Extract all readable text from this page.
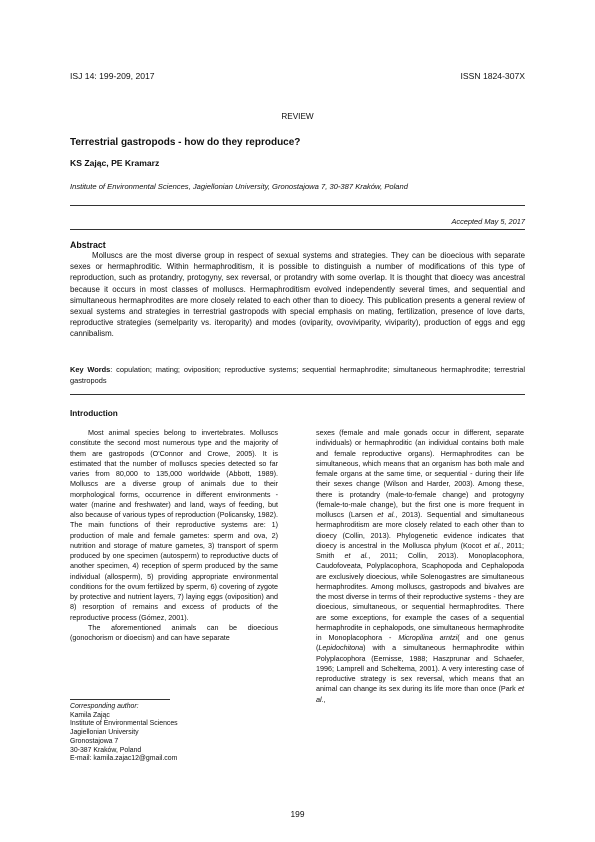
ISJ 14: 199-209, 2017	ISSN 1824-307X
REVIEW
Terrestrial gastropods - how do they reproduce?
KS Zając, PE Kramarz
Institute of Environmental Sciences, Jagiellonian University, Gronostajowa 7, 30-387 Kraków, Poland
Accepted May 5, 2017
Abstract

Molluscs are the most diverse group in respect of sexual systems and strategies. They can be dioecious with separate sexes or hermaphroditic. Within hermaphroditism, it is possible to distinguish a number of modifications of this type of reproduction, such as protandry, protogyny, sex reversal, or protandry with some overlap. It is thought that dioecy was ancestral because it occurs in most classes of molluscs. Hermaphroditism evolved independently several times, and sequential and simultaneous hermaphrodites are more closely related to each other than to dioecy. This publication presents a general review of sexual systems and strategies in terrestrial gastropods with special emphasis on mating, fertilization, presence of love darts, reproductive strategies (semelparity vs. iteroparity) and modes (oviparity, ovoviviparity, viviparity), production of eggs and egg cannibalism.

Key Words: copulation; mating; oviposition; reproductive systems; sequential hermaphrodite; simultaneous hermaphrodite; terrestrial gastropods
Introduction

Most animal species belong to invertebrates. Molluscs constitute the second most numerous type and the majority of them are gastropods (O'Connor and Crowe, 2005). It is estimated that the number of molluscs species detected so far varies from 80,000 to 135,000 worldwide (Abbott, 1989). Molluscs are a diverse group of animals due to their morphological forms, occurrence in different environments - water (marine and freshwater) and land, ways of feeding, but also because of various types of reproduction (Policansky, 1982). The main functions of their reproductive systems are: 1) production of male and female gametes: sperm and ova, 2) nutrition and storage of mature gametes, 3) transport of sperm produced by one specimen (autosperm) to reproductive ducts of another specimen, 4) reception of sperm produced by the same individual (allosperm), 5) providing appropriate environmental conditions for the ovum fertilized by sperm, 6) covering of zygote by protective and nutrient layers, 7) laying eggs (oviposition) and 8) resorption of remains and excess of products of the reproductive process (Gómez, 2001).

The aforementioned animals can be dioecious (gonochorism or dioecism) and can have separate

sexes (female and male gonads occur in different, separate individuals) or hermaphroditic (an individual contains both male and female reproductive organs). Hermaphrodites can be simultaneous, which means that an organism has both male and female organs at the same time, or sequential - during their life their sexes change (Wilson and Harder, 2003). Among these, there is protandry (male-to-female change) and protogyny (female-to-male change), but the first one is more frequent in molluscs (Larsen et al., 2013). Sequential and simultaneous hermaphroditism are more closely related to each other than to dioecy (Collin, 2013). Phylogenetic evidence indicates that dioecy is ancestral in the Mollusca phylum (Kocot et al., 2011; Smith et al., 2011; Collin, 2013). Monoplacophora, Caudofoveata, Polyplacophora, Scaphopoda and Cephalopoda are exclusively dioecious, while Solenogastres are simultaneous hermaphrodites. Among molluscs, gastropods and bivalves are the most diverse in terms of their reproductive systems - they are dioecious, simultaneous, or sequential hermaphrodites. There are some exceptions, for example the cases of a sequential hermaphrodite in cephalopods, one simultaneous hermaphrodite in Monoplacophora - Micropilina arntzi( and one genus (Lepidochitona) with a simultaneous hermaphrodite within Polyplacophora (Eernisse, 1988; Haszprunar and Schaefer, 1996; Lamprell and Scheltema, 2001). A very interesting case of reproductive strategy is sex reversal, which means that an animal can change its sex during its life more than once (Park et al.,

Corresponding author:
Kamila Zając
Institute of Environmental Sciences
Jagiellonian University
Gronostajowa 7
30-387 Kraków, Poland
E-mail: kamila.zajac12@gmail.com
199
